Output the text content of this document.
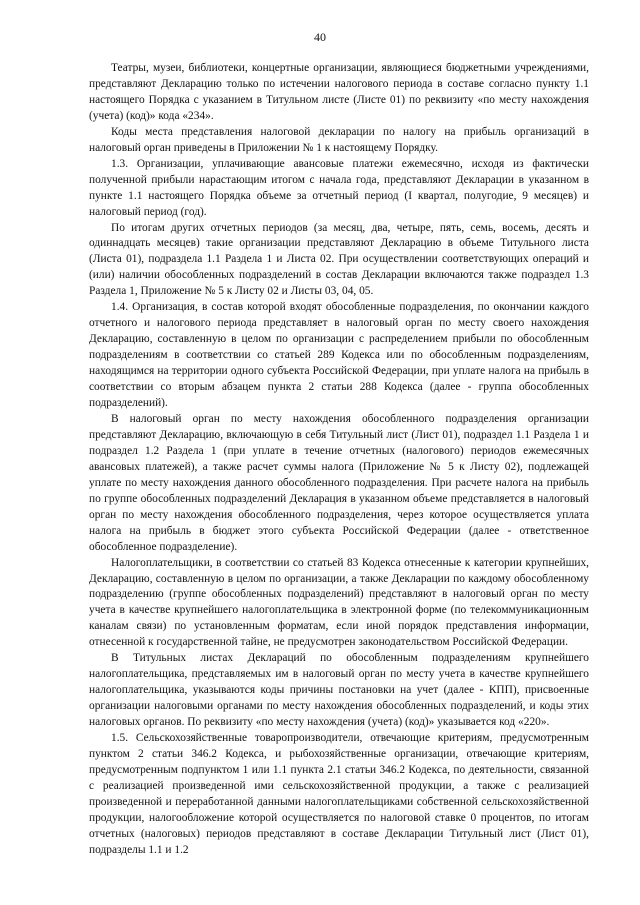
40

Театры, музеи, библиотеки, концертные организации, являющиеся бюджетными учреждениями, представляют Декларацию только по истечении налогового периода в составе согласно пункту 1.1 настоящего Порядка с указанием в Титульном листе (Листе 01) по реквизиту «по месту нахождения (учета) (код)» кода «234».

Коды места представления налоговой декларации по налогу на прибыль организаций в налоговый орган приведены в Приложении № 1 к настоящему Порядку.

1.3. Организации, уплачивающие авансовые платежи ежемесячно, исходя из фактически полученной прибыли нарастающим итогом с начала года, представляют Декларации в указанном в пункте 1.1 настоящего Порядка объеме за отчетный период (I квартал, полугодие, 9 месяцев) и налоговый период (год).

По итогам других отчетных периодов (за месяц, два, четыре, пять, семь, восемь, десять и одиннадцать месяцев) такие организации представляют Декларацию в объеме Титульного листа (Листа 01), подраздела 1.1 Раздела 1 и Листа 02. При осуществлении соответствующих операций и (или) наличии обособленных подразделений в состав Декларации включаются также подраздел 1.3 Раздела 1, Приложение № 5 к Листу 02 и Листы 03, 04, 05.

1.4. Организация, в состав которой входят обособленные подразделения, по окончании каждого отчетного и налогового периода представляет в налоговый орган по месту своего нахождения Декларацию, составленную в целом по организации с распределением прибыли по обособленным подразделениям в соответствии со статьей 289 Кодекса или по обособленным подразделениям, находящимся на территории одного субъекта Российской Федерации, при уплате налога на прибыль в соответствии со вторым абзацем пункта 2 статьи 288 Кодекса (далее - группа обособленных подразделений).

В налоговый орган по месту нахождения обособленного подразделения организации представляют Декларацию, включающую в себя Титульный лист (Лист 01), подраздел 1.1 Раздела 1 и подраздел 1.2 Раздела 1 (при уплате в течение отчетных (налогового) периодов ежемесячных авансовых платежей), а также расчет суммы налога (Приложение № 5 к Листу 02), подлежащей уплате по месту нахождения данного обособленного подразделения. При расчете налога на прибыль по группе обособленных подразделений Декларация в указанном объеме представляется в налоговый орган по месту нахождения обособленного подразделения, через которое осуществляется уплата налога на прибыль в бюджет этого субъекта Российской Федерации (далее - ответственное обособленное подразделение).

Налогоплательщики, в соответствии со статьей 83 Кодекса отнесенные к категории крупнейших, Декларацию, составленную в целом по организации, а также Декларации по каждому обособленному подразделению (группе обособленных подразделений) представляют в налоговый орган по месту учета в качестве крупнейшего налогоплательщика в электронной форме (по телекоммуникационным каналам связи) по установленным форматам, если иной порядок представления информации, отнесенной к государственной тайне, не предусмотрен законодательством Российской Федерации.

В Титульных листах Деклараций по обособленным подразделениям крупнейшего налогоплательщика, представляемых им в налоговый орган по месту учета в качестве крупнейшего налогоплательщика, указываются коды причины постановки на учет (далее - КПП), присвоенные организации налоговыми органами по месту нахождения обособленных подразделений, и коды этих налоговых органов. По реквизиту «по месту нахождения (учета) (код)» указывается код «220».

1.5. Сельскохозяйственные товаропроизводители, отвечающие критериям, предусмотренным пунктом 2 статьи 346.2 Кодекса, и рыбохозяйственные организации, отвечающие критериям, предусмотренным подпунктом 1 или 1.1 пункта 2.1 статьи 346.2 Кодекса, по деятельности, связанной с реализацией произведенной ими сельскохозяйственной продукции, а также с реализацией произведенной и переработанной данными налогоплательщиками собственной сельскохозяйственной продукции, налогообложение которой осуществляется по налоговой ставке 0 процентов, по итогам отчетных (налоговых) периодов представляют в составе Декларации Титульный лист (Лист 01), подразделы 1.1 и 1.2
